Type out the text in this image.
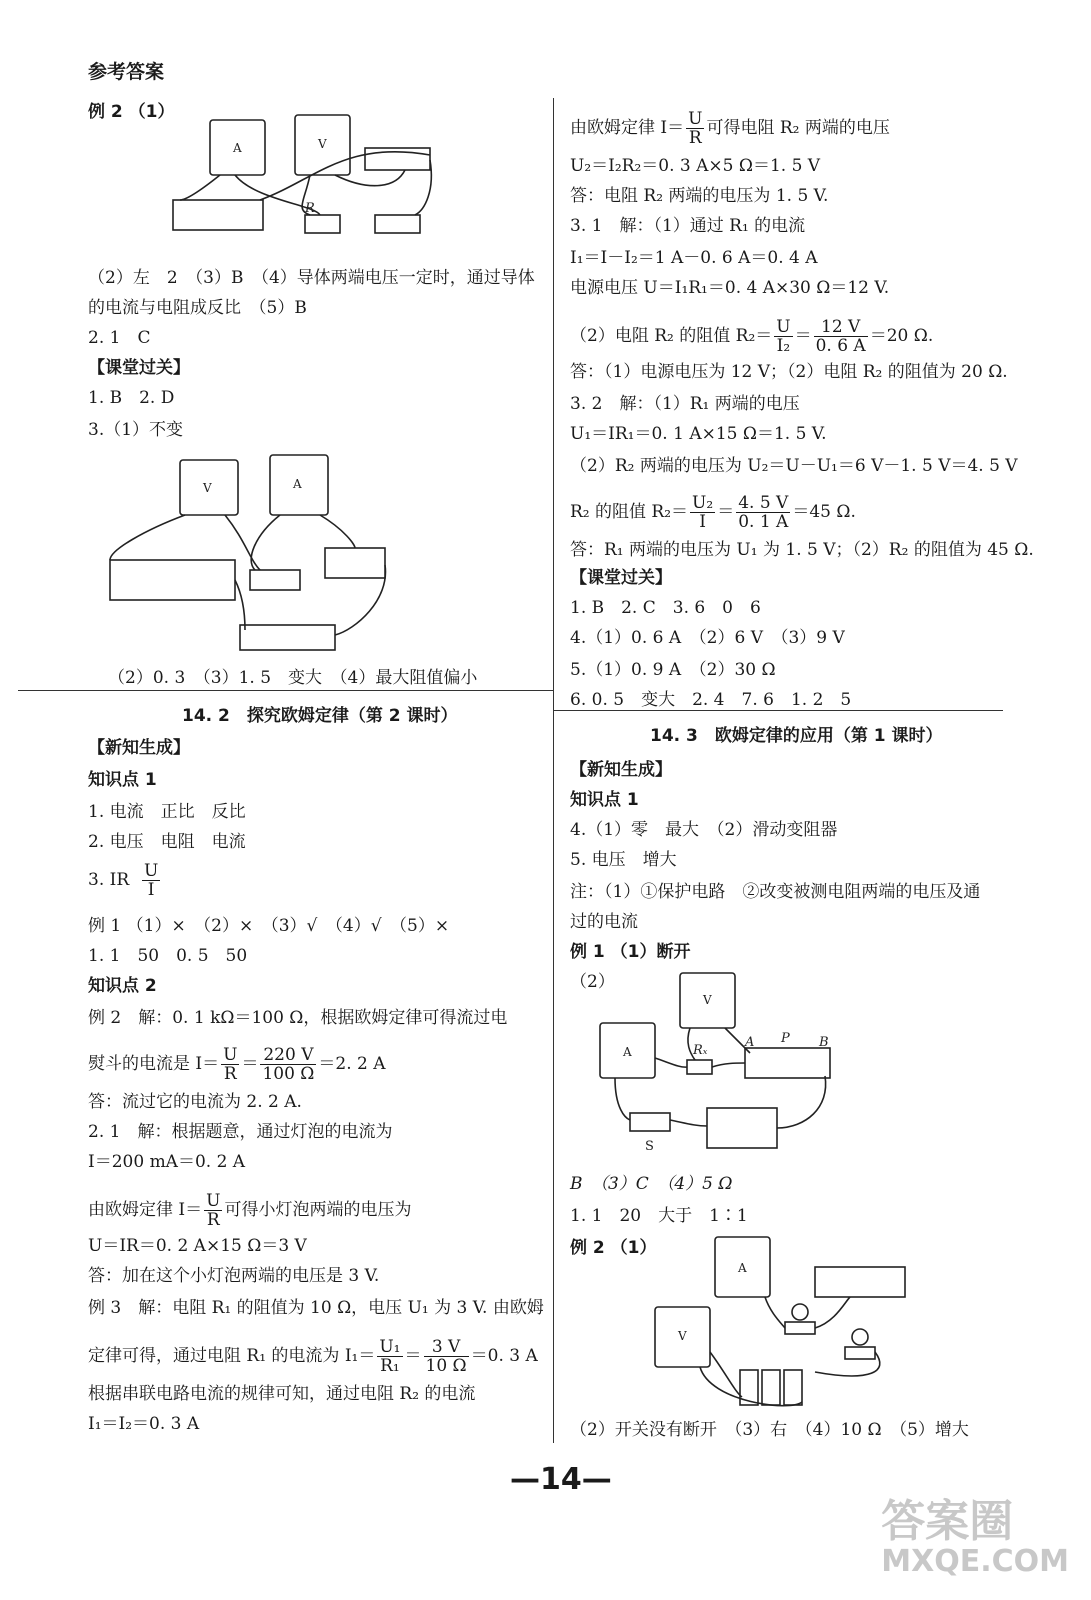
参考答案
例 2 （1）
A	V
R
（2）左　2　（3）B　（4）导体两端电压一定时，通过导体
的电流与电阻成反比　（5）B
2. 1　C
【课堂过关】
1. B　2. D
3.（1）不变
V	A
（2）0. 3　（3）1. 5　变大　（4）最大阻值偏小
14. 2　探究欧姆定律（第 2 课时）
【新知生成】
知识点 1
1. 电流　正比　反比
2. 电压　电阻　电流
3. IR $\frac{U}{I}$
例 1 （1）×　（2）×　（3）√　（4）√　（5）×
1. 1　50　0. 5　50
知识点 2
例 2　解：0. 1 kΩ＝100 Ω，根据欧姆定律可得流过电
熨斗的电流是 $I= \frac{U}{R} = \frac{220 V}{100 \Omega} =2$. 2 A
答：流过它的电流为 2. 2 A.
2. 1　解：根据题意，通过灯泡的电流为
I＝200 mA＝0. 2 A
由欧姆定律 $I= \frac{U}{R}$ 可得小灯泡两端的电压为
U＝IR＝0. 2 A×15 Ω＝3 V
答：加在这个小灯泡两端的电压是 3 V.
例 3　解：电阻 R₁ 的阻值为 10 Ω，电压 U₁ 为 3 V. 由欧姆
定律可得，通过电阻 R₁ 的电流为 $I_1= \frac{\text{U₁}}{\text{R₁}} = \frac{3 V}{10 \Omega} =0$. 3 A
根据串联电路电流的规律可知，通过电阻 R₂ 的电流
I₁＝I₂＝0. 3 A
由欧姆定律 $I= \frac{U}{R}$ 可得电阻 R₂ 两端的电压
U₂＝I₂R₂＝0. 3 A×5 Ω＝1. 5 V
答：电阻 R₂ 两端的电压为 1. 5 V.
3. 1　解：（1）通过 R₁ 的电流
I₁＝I－I₂＝1 A－0. 6 A＝0. 4 A
电源电压 U＝I₁R₁＝0. 4 A×30 Ω＝12 V.
（2）电阻 R₂ 的阻值 $R_2= \frac{U}{\text{I₂}} = \frac{12 V}{0. 6 A} =20$ Ω.
答：（1）电源电压为 12 V；（2）电阻 R₂ 的阻值为 20 Ω.
3. 2　解：（1）R₁ 两端的电压
U₁＝IR₁＝0. 1 A×15 Ω＝1. 5 V.
（2）R₂ 两端的电压为 U₂＝U－U₁＝6 V－1. 5 V＝4. 5 V
R₂ 的阻值 $R_2= \frac{\text{U₂}}{I} = \frac{4. 5 V}{0. 1 A} =45$ Ω.
答：R₁ 两端的电压为 U₁ 为 1. 5 V；（2）R₂ 的阻值为 45 Ω.
【课堂过关】
1. B　2. C　3. 6　0　6
4.（1）0. 6 A　（2）6 V　（3）9 V
5.（1）0. 9 A　（2）30 Ω
6. 0. 5　变大　2. 4　7. 6　1. 2　5
14. 3　欧姆定律的应用（第 1 课时）
【新知生成】
知识点 1
4.（1）零　最大　（2）滑动变阻器
5. 电压　增大
注：（1）①保护电路　②改变被测电阻两端的电压及通
过的电流
例 1 （1）断开
（2）
A
V
Rₓ
P
A	B
S
B　（3）C　（4）5 Ω
1. 1　20　大于　1∶1
例 2 （1）
A
V
（2）开关没有断开　（3）右　（4）10 Ω　（5）增大
—14—
答案圈
MXQE.COM
